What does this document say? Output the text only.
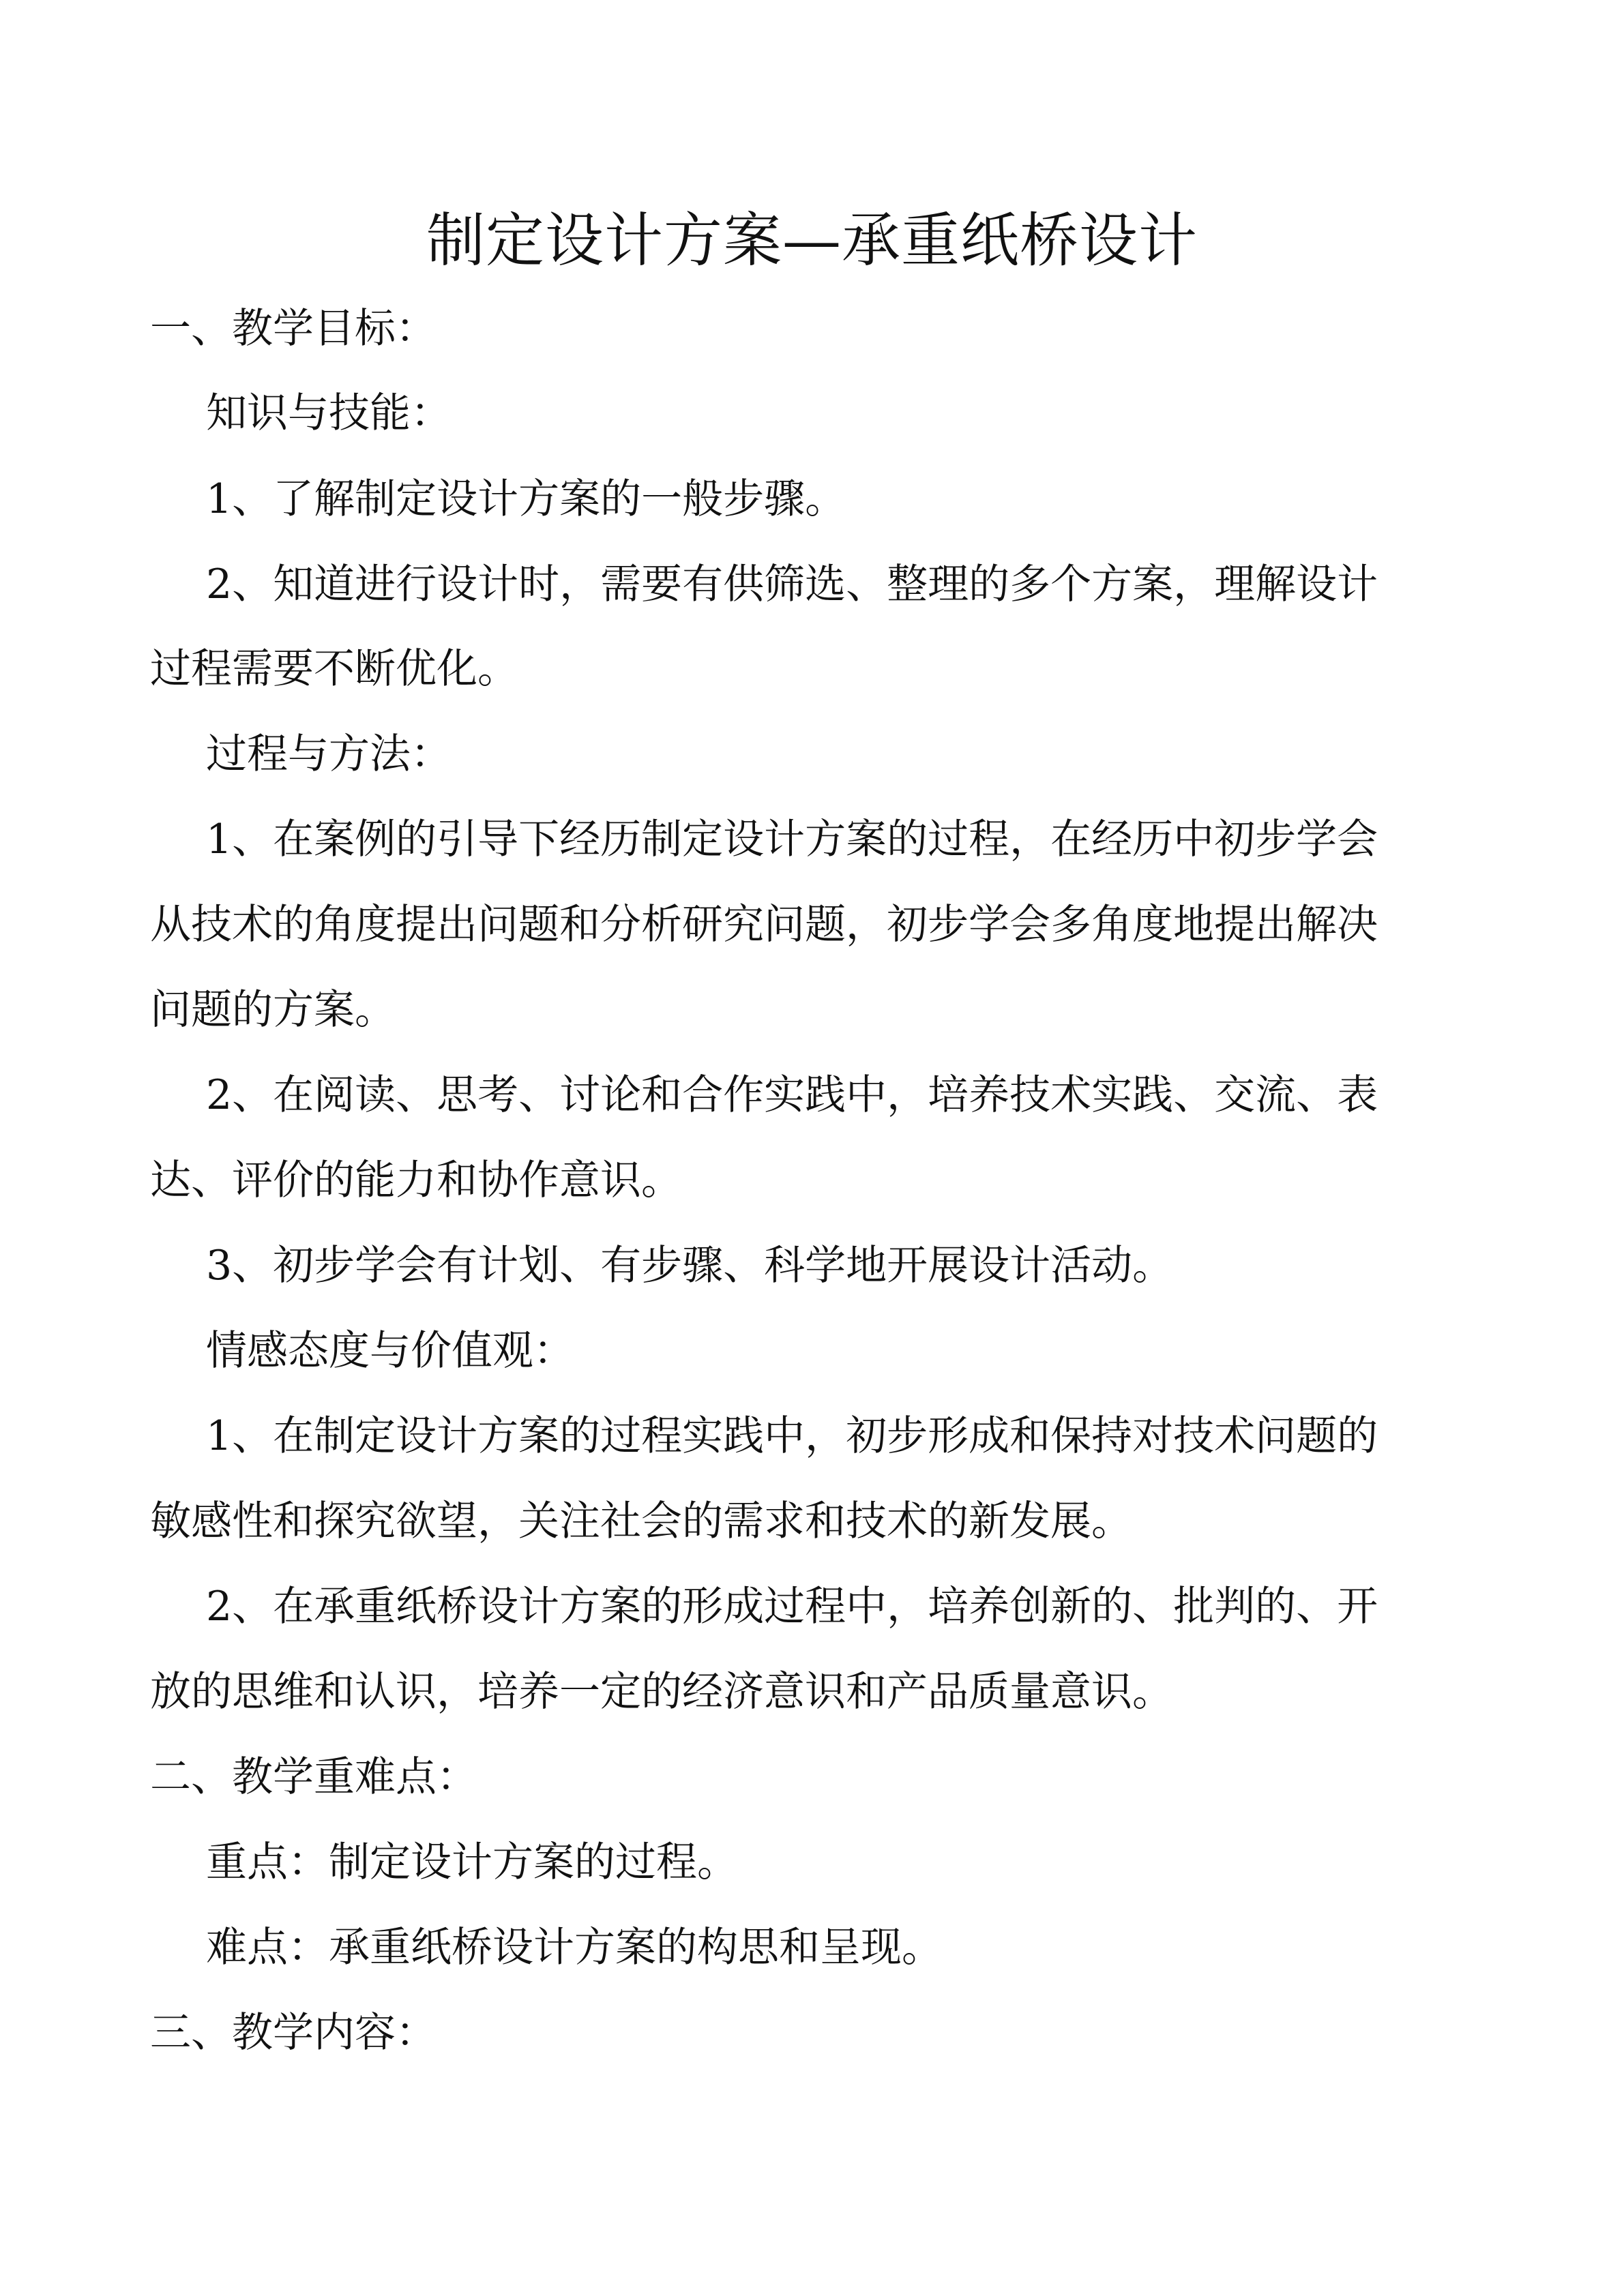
制定设计方案—承重纸桥设计
一、教学目标：
知识与技能：
1、了解制定设计方案的一般步骤。
2、知道进行设计时，需要有供筛选、整理的多个方案，理解设计
过程需要不断优化。
过程与方法：
1、在案例的引导下经历制定设计方案的过程，在经历中初步学会
从技术的角度提出问题和分析研究问题，初步学会多角度地提出解决
问题的方案。
2、在阅读、思考、讨论和合作实践中，培养技术实践、交流、表
达、评价的能力和协作意识。
3、初步学会有计划、有步骤、科学地开展设计活动。
情感态度与价值观：
1、在制定设计方案的过程实践中，初步形成和保持对技术问题的
敏感性和探究欲望，关注社会的需求和技术的新发展。
2、在承重纸桥设计方案的形成过程中，培养创新的、批判的、开
放的思维和认识，培养一定的经济意识和产品质量意识。
二、教学重难点：
重点：制定设计方案的过程。
难点：承重纸桥设计方案的构思和呈现。
三、教学内容：
